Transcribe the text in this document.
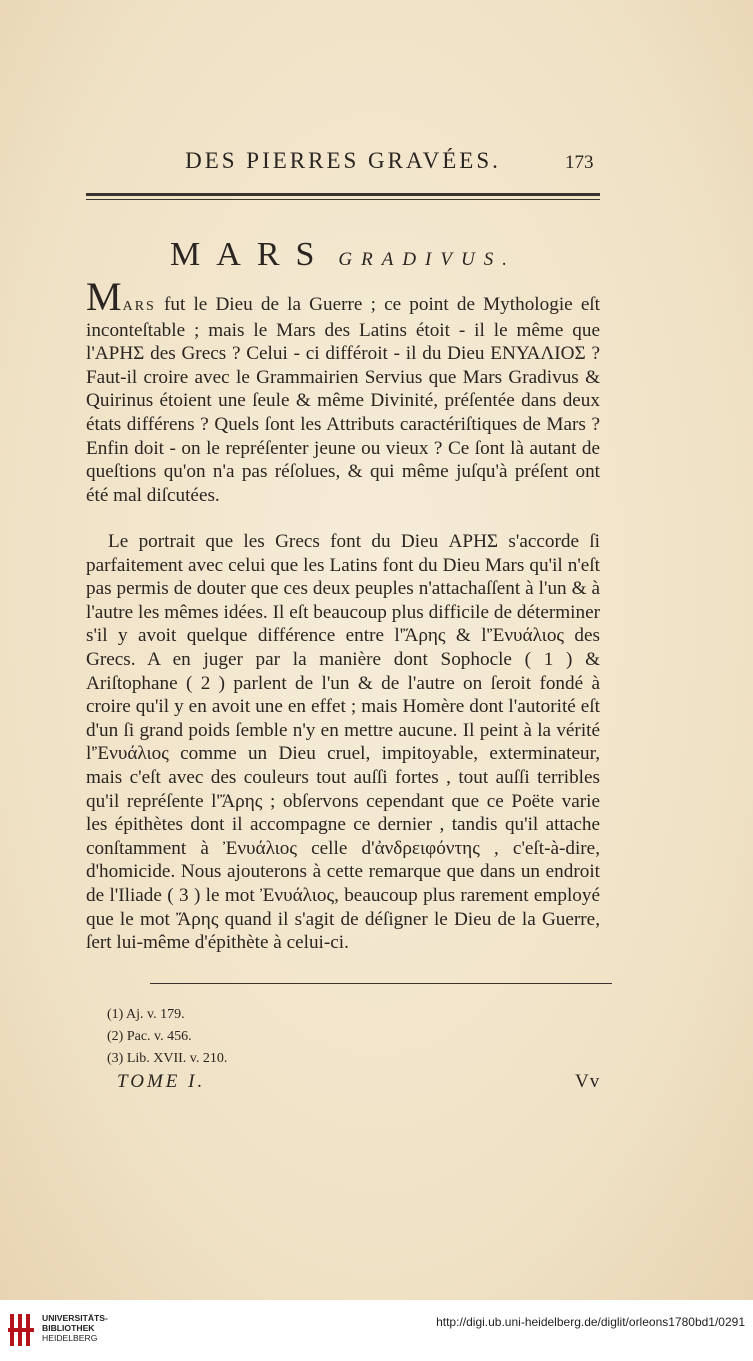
DES PIERRES GRAVÉES.	173
MARS GRADIVUS.
MARS fut le Dieu de la Guerre ; ce point de Mythologie eſt inconteſtable ; mais le Mars des Latins étoit - il le même que l'ΑΡΗΣ des Grecs ? Celui - ci différoit - il du Dieu ΕΝΥΑΛΙΟΣ ? Faut-il croire avec le Grammairien Servius que Mars Gradivus & Quirinus étoient une ſeule & même Divinité, préſentée dans deux états différens ? Quels ſont les Attributs caractériſtiques de Mars ? Enfin doit - on le repréſenter jeune ou vieux ? Ce ſont là autant de queſtions qu'on n'a pas réſolues, & qui même juſqu'à préſent ont été mal diſcutées.
Le portrait que les Grecs font du Dieu ΑΡΗΣ s'accorde ſi parfaitement avec celui que les Latins font du Dieu Mars qu'il n'eſt pas permis de douter que ces deux peuples n'attachaſſent à l'un & à l'autre les mêmes idées. Il eſt beaucoup plus difficile de déterminer s'il y avoit quelque différence entre l'Ἄρης & l'Ἐνυάλιος des Grecs. A en juger par la manière dont Sophocle ( 1 ) & Ariſtophane ( 2 ) parlent de l'un & de l'autre on ſeroit fondé à croire qu'il y en avoit une en effet ; mais Homère dont l'autorité eſt d'un ſi grand poids ſemble n'y en mettre aucune. Il peint à la vérité l'Ἐνυάλιος comme un Dieu cruel, impitoyable, exterminateur, mais c'eſt avec des couleurs tout auſſi fortes , tout auſſi terribles qu'il repréſente l'Ἄρης ; obſervons cependant que ce Poëte varie les épithètes dont il accompagne ce dernier , tandis qu'il attache conſtamment à Ἐνυάλιος celle d'ἀνδρειφόντης , c'eſt-à-dire, d'homicide. Nous ajouterons à cette remarque que dans un endroit de l'Iliade ( 3 ) le mot Ἐνυάλιος, beaucoup plus rarement employé que le mot Ἄρης quand il s'agit de déſigner le Dieu de la Guerre, ſert lui-même d'épithète à celui-ci.
(1) Aj. v. 179.
(2) Pac. v. 456.
(3) Lib. XVII. v. 210.
TOME I.	Vv
UNIVERSITÄTS-
BIBLIOTHEK
HEIDELBERG
http://digi.ub.uni-heidelberg.de/diglit/orleons1780bd1/0291
